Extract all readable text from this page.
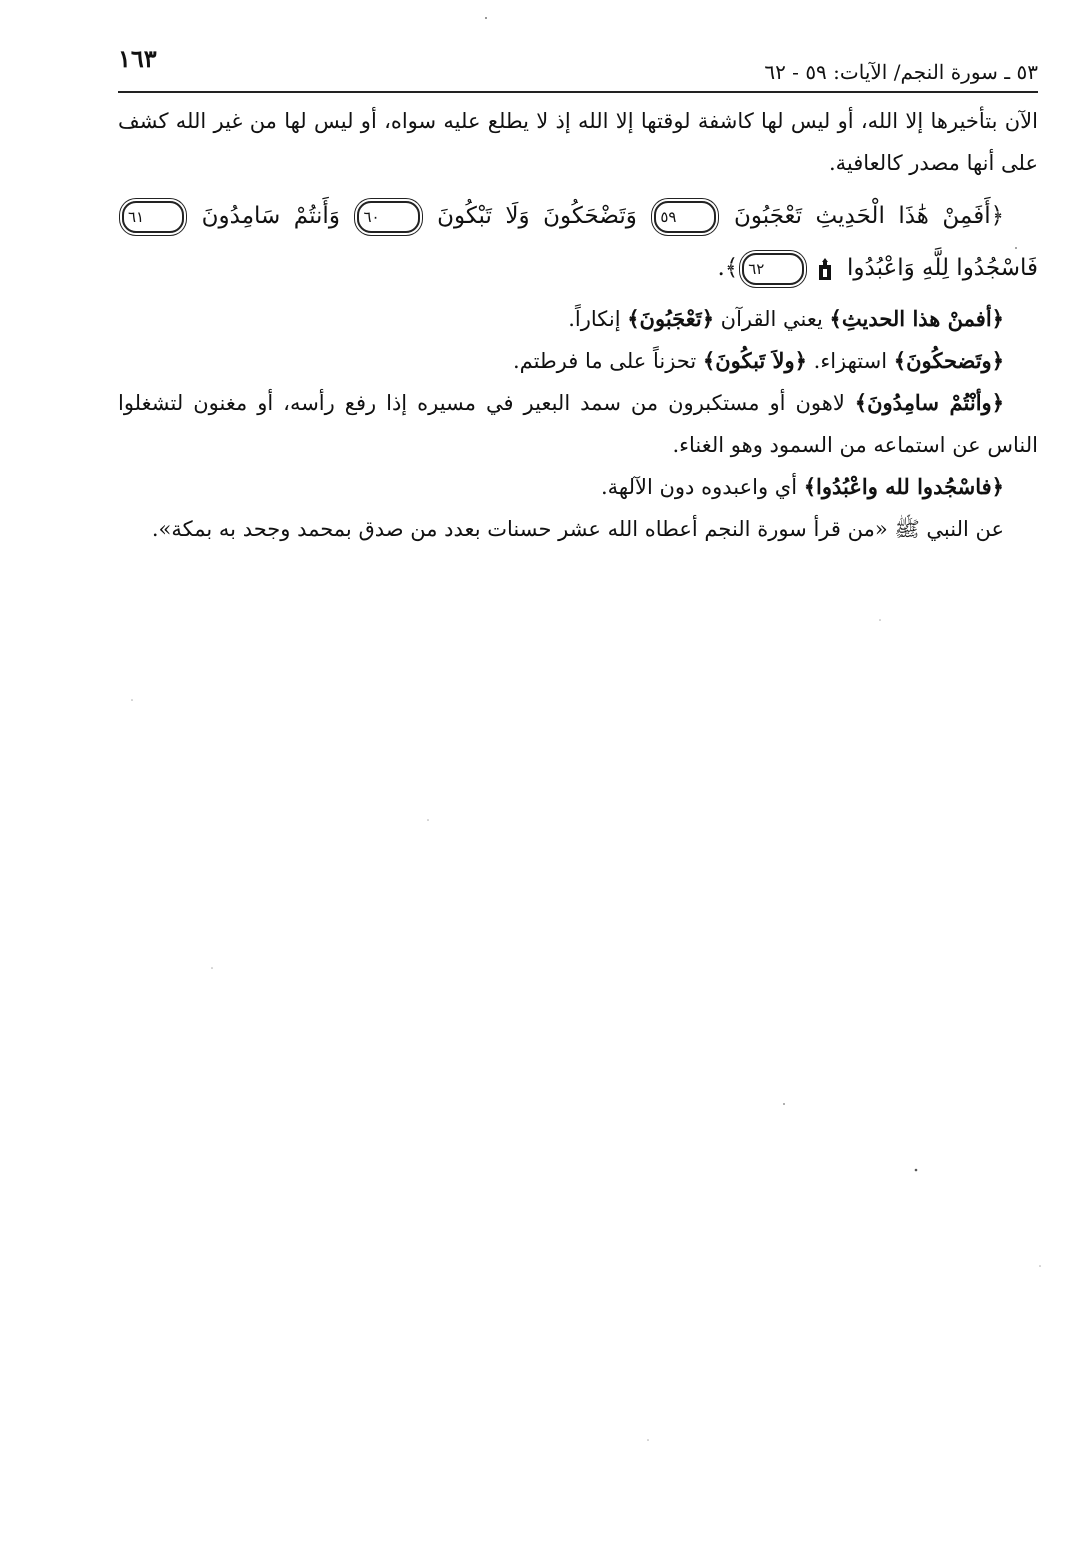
١٦٣	٥٣ ـ سورة النجم/ الآيات: ٥٩ - ٦٢

الآن بتأخيرها إلا الله، أو ليس لها كاشفة لوقتها إلا الله إذ لا يطلع عليه سواه، أو ليس لها من غير الله كشف على أنها مصدر كالعافية.

﴿أَفَمِنْ هَٰذَا الْحَدِيثِ تَعْجَبُونَ ٥٩ وَتَضْحَكُونَ وَلَا تَبْكُونَ ٦٠ وَأَنتُمْ سَامِدُونَ ٦١ فَاسْجُدُوا لِلَّهِ وَاعْبُدُوا  ٦٢﴾.

﴿أفمنْ هذا الحديثِ﴾ يعني القرآن ﴿تَعْجَبُونَ﴾ إنكاراً.

﴿وتَضحكُونَ﴾ استهزاء. ﴿ولاَ تَبكُونَ﴾ تحزناً على ما فرطتم.

﴿وأنْتُمْ سامِدُونَ﴾ لاهون أو مستكبرون من سمد البعير في مسيره إذا رفع رأسه، أو مغنون لتشغلوا الناس عن استماعه من السمود وهو الغناء.

﴿فاسْجُدوا لله واعْبُدُوا﴾ أي واعبدوه دون الآلهة.

عن النبي ﷺ «من قرأ سورة النجم أعطاه الله عشر حسنات بعدد من صدق بمحمد وجحد به بمكة».
